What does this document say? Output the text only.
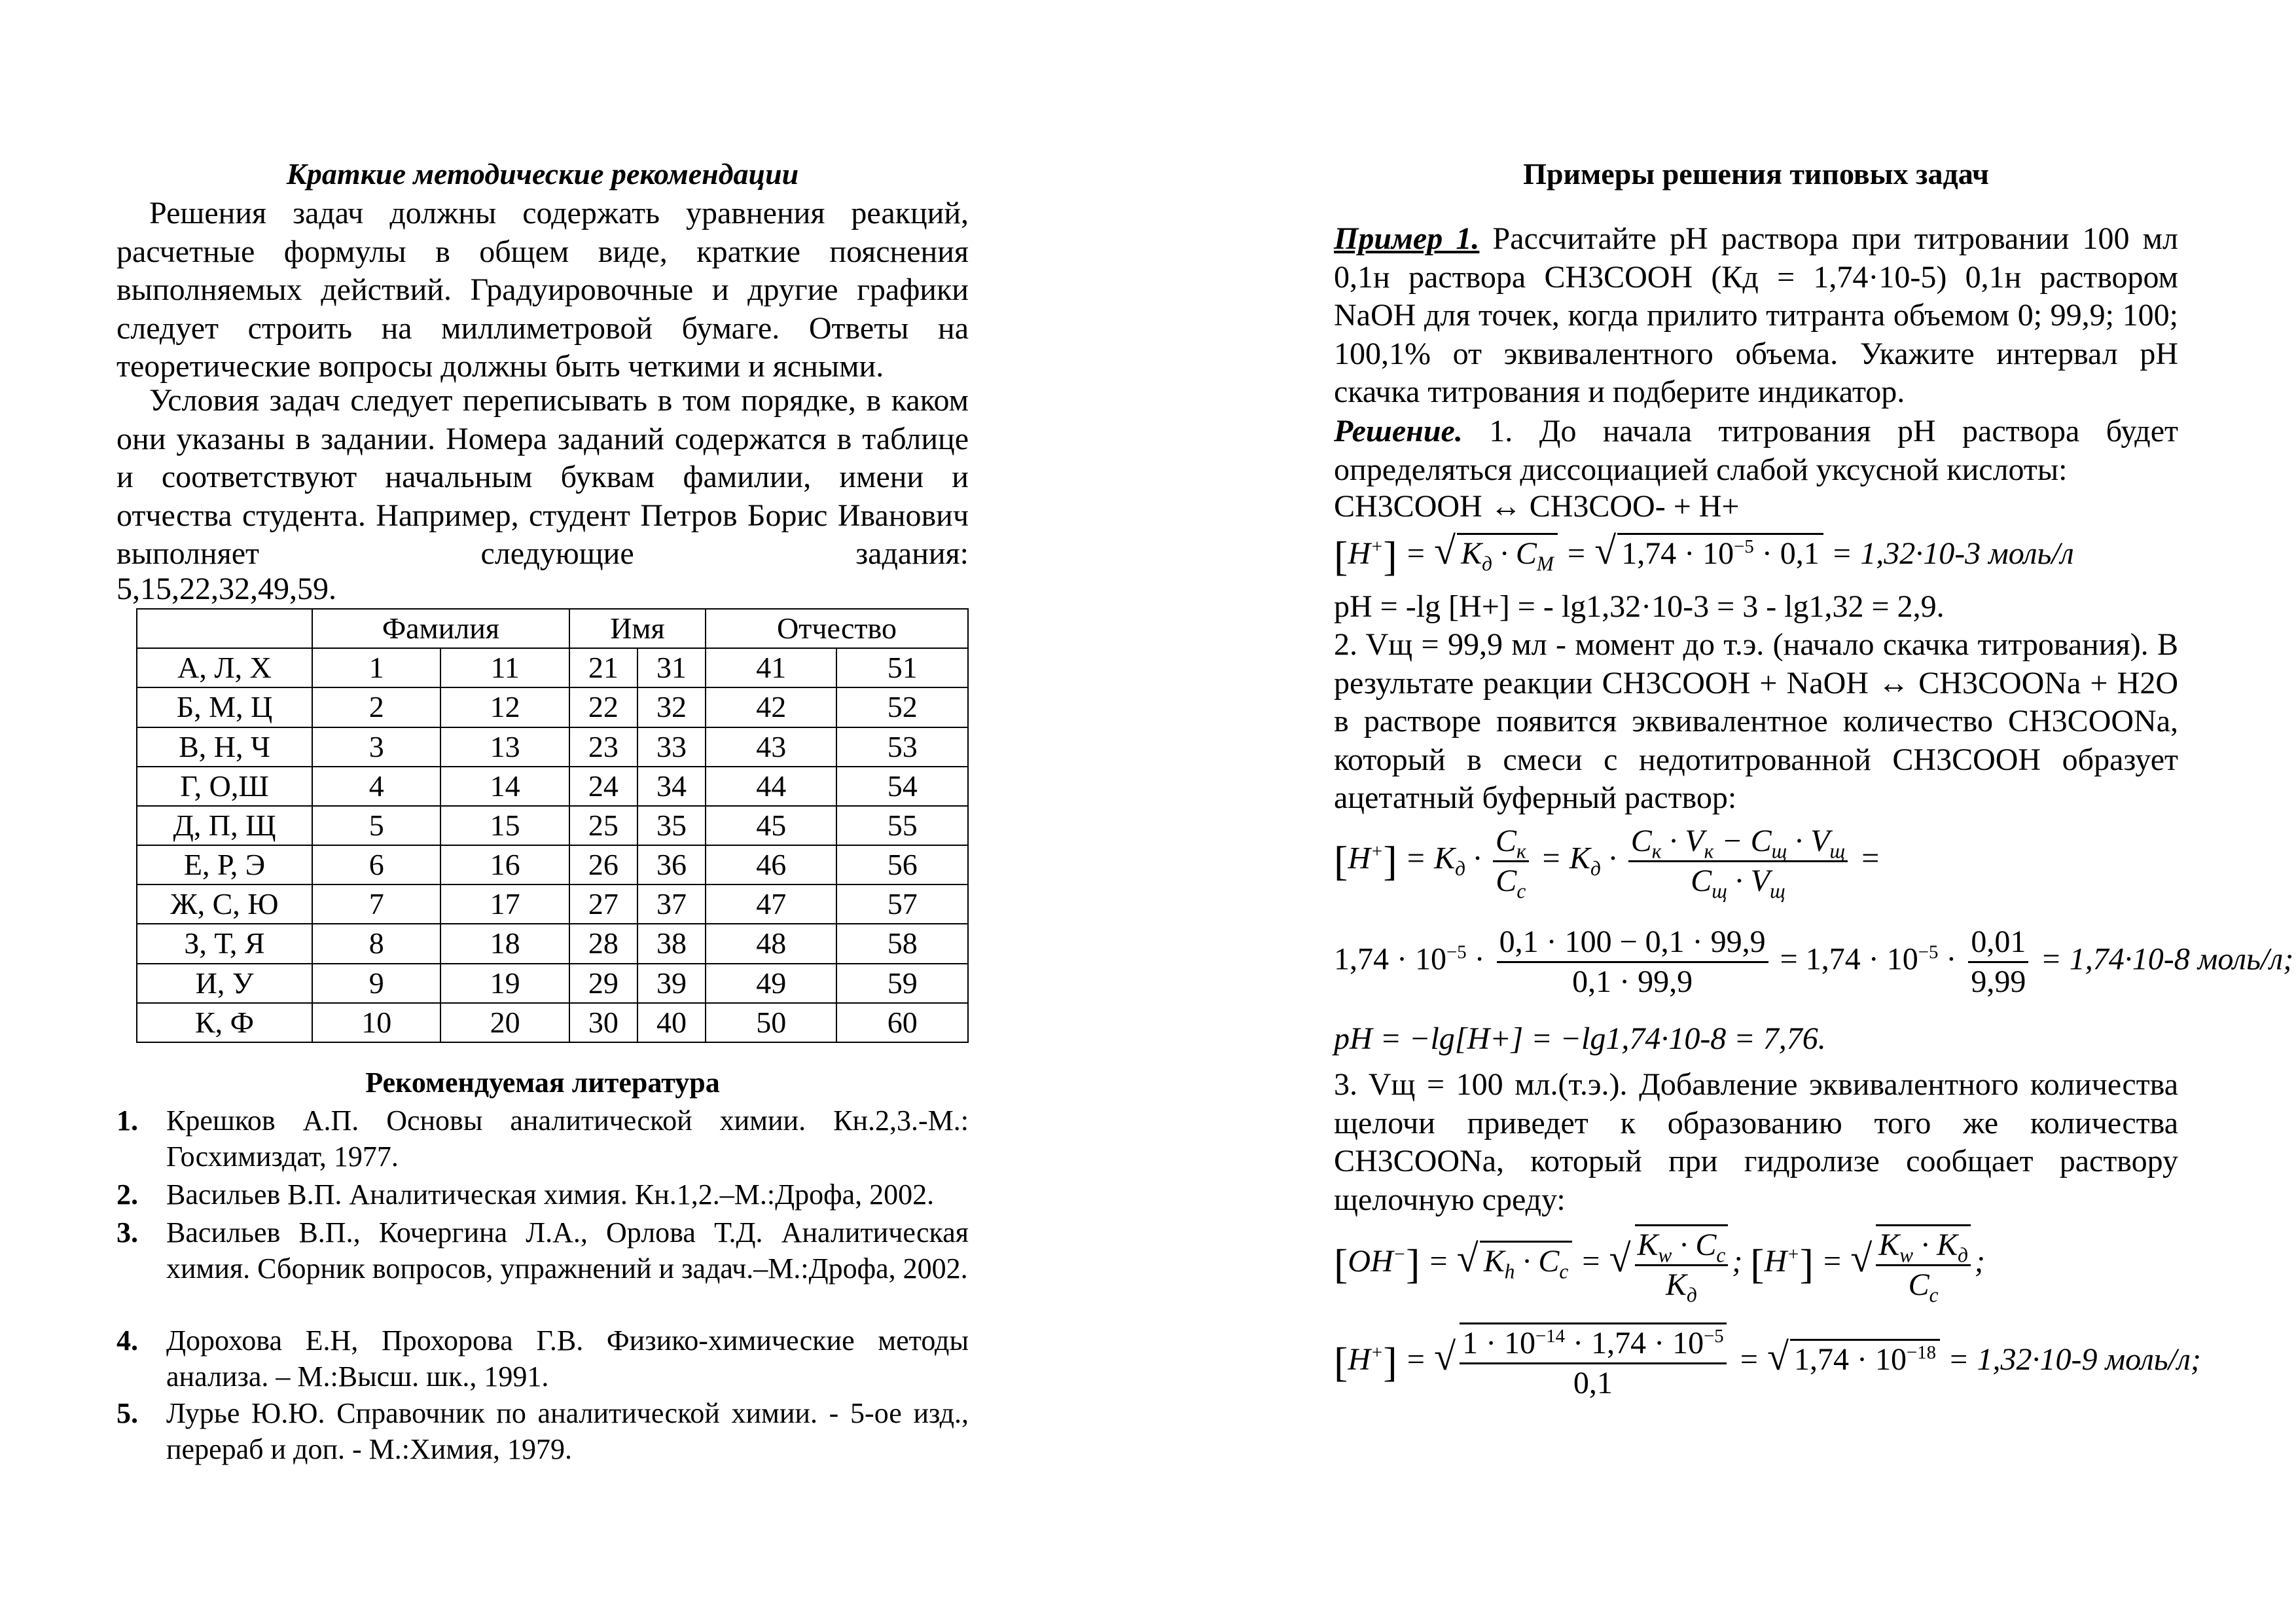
Краткие методические рекомендации
Решения задач должны содержать уравнения реакций, расчетные формулы в общем виде, краткие пояснения выполняемых действий. Градуировочные и другие графики следует строить на миллиметровой бумаге. Ответы на теоретические вопросы должны быть четкими и ясными.
Условия задач следует переписывать в том порядке, в каком они указаны в задании. Номера заданий содержатся в таблице и соответствуют начальным буквам фамилии, имени и отчества студента. Например, студент Петров Борис Иванович выполняет следующие задания:
5,15,22,32,49,59.
	Фамилия		Имя		Отчество	
А, Л, Х	1	11	21	31	41	51
Б, М, Ц	2	12	22	32	42	52
В, Н, Ч	3	13	23	33	43	53
Г, О,Ш	4	14	24	34	44	54
Д, П, Щ	5	15	25	35	45	55
Е, Р, Э	6	16	26	36	46	56
Ж, С, Ю	7	17	27	37	47	57
З, Т, Я	8	18	28	38	48	58
И, У	9	19	29	39	49	59
К, Ф	10	20	30	40	50	60
Рекомендуемая литература
1. Крешков А.П. Основы аналитической химии. Кн.2,3.-М.: Госхимиздат, 1977.
2. Васильев В.П. Аналитическая химия. Кн.1,2.–М.:Дрофа, 2002.
3. Васильев В.П., Кочергина Л.А., Орлова Т.Д. Аналитическая химия. Сборник вопросов, упражнений и задач.–М.:Дрофа, 2002.
4. Дорохова Е.Н, Прохорова Г.В. Физико-химические методы анализа. – М.:Высш. шк., 1991.
5. Лурье Ю.Ю. Справочник по аналитической химии. - 5-ое изд., перераб и доп. - М.:Химия, 1979.
Примеры решения типовых задач
Пример 1. Рассчитайте рН раствора при титровании 100 мл 0,1н раствора CH3COOH (Кд = 1,74·10-5) 0,1н раствором NaOH для точек, когда прилито титранта объемом 0; 99,9; 100; 100,1% от эквивалентного объема. Укажите интервал рН скачка титрования и подберите индикатор.
Решение. 1. До начала титрования рН раствора будет определяться диссоциацией слабой уксусной кислоты:
CH3COOH ↔ CH3COO- + H+
[H+] = √ $K_д \cdot C_M$ = √ $1,74 \cdot 10^{-5} \cdot 0,1 = 1,32\cdot 10-3$ моль/л
pH = -lg [H+] = - lg1,32·10-3 = 3 - lg1,32 = 2,9.
2. Vщ = 99,9 мл - момент до т.э. (начало скачка титрования). В результате реакции CH3COOH + NaOH ↔ CH3COONa + H2O в растворе появится эквивалентное количество CH3COONa, который в смеси с недотитрованной CH3COOH образует ацетатный буферный раствор:
$[H^+] = K_д \cdot \frac{C_к}{C_с} = K_д \cdot \frac{C_к \cdot V_к - C_щ \cdot V_щ}{C_щ \cdot V_щ}$ =
$1,74 \cdot 10^{-5} \cdot \frac{0,1 \cdot 100 - 0,1 \cdot 99,9}{0,1 \cdot 99,9} = 1,74 \cdot 10^{-5} \cdot \frac{0,01}{9,99} = 1,74\cdot 10-8$ моль/л;
pH = −lg[H+] = −lg1,74·10-8 = 7,76.
3. Vщ = 100 мл.(т.э.). Добавление эквивалентного количества щелочи приведет к образованию того же количества CH3COONa, который при гидролизе сообщает раствору щелочную среду:
[OH−] = √ $K_h \cdot C_с$ = √ $\frac{K_w \cdot C_с}{K_д}$ ; [H+] = √ $\frac{K_w \cdot K_д}{C_с}$ ;
[H+] = √ $\frac{1 \cdot 10^{-14} \cdot 1,74 \cdot 10^{-5}}{0,1}$ = √ $1,74 \cdot 10^{-18} = 1,32\cdot 10-9$ моль/л;
